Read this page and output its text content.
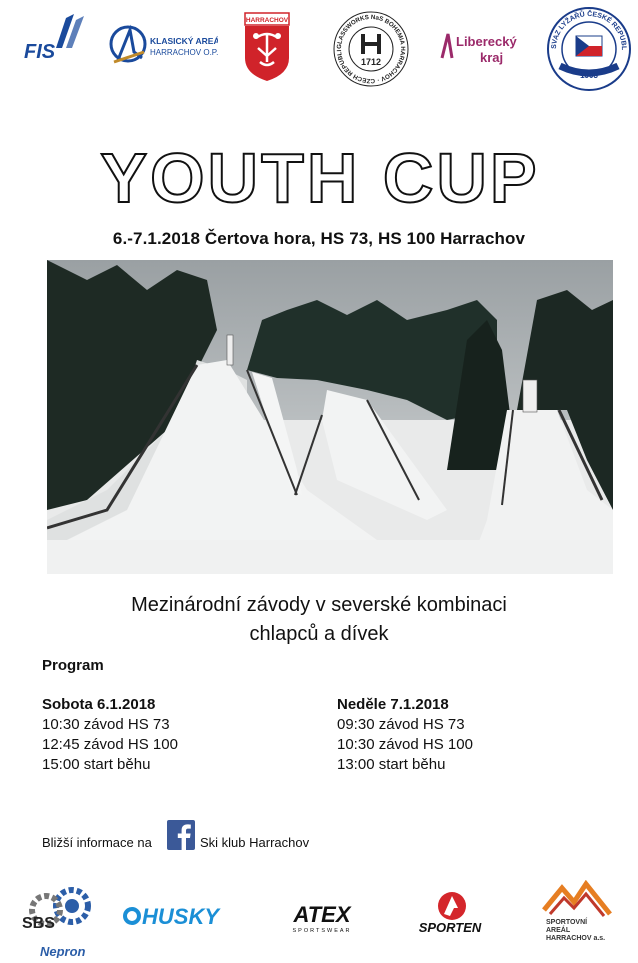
FIS	KLASICKÝ AREÁL
HARRACHOV O.P.S
HARRACHOV
GLASSWORKS NaS BOHEMIA HARRACHOV · CZECH REPUBLI
1712
Liberecký
kraj
SVAZ LYŽAŘŮ ČESKÉ REPUBL
1903
YOUTH CUP
6.-7.1.2018 Čertova hora, HS 73, HS 100 Harrachov
Mezinárodní závody v severské kombinaci
chlapců a dívek
Program
Sobota 6.1.2018
10:30 závod HS 73
12:45 závod HS 100
15:00 start běhu
Neděle 7.1.2018
09:30 závod HS 73
10:30 závod HS 100
13:00 start běhu
Bližší informace na	Ski klub Harrachov
SBS
Nepron
HUSKY	ATEX
SPORTSWEAR	SPORTEN	SPORTOVNÍ
AREÁL
HARRACHOV a.s.
